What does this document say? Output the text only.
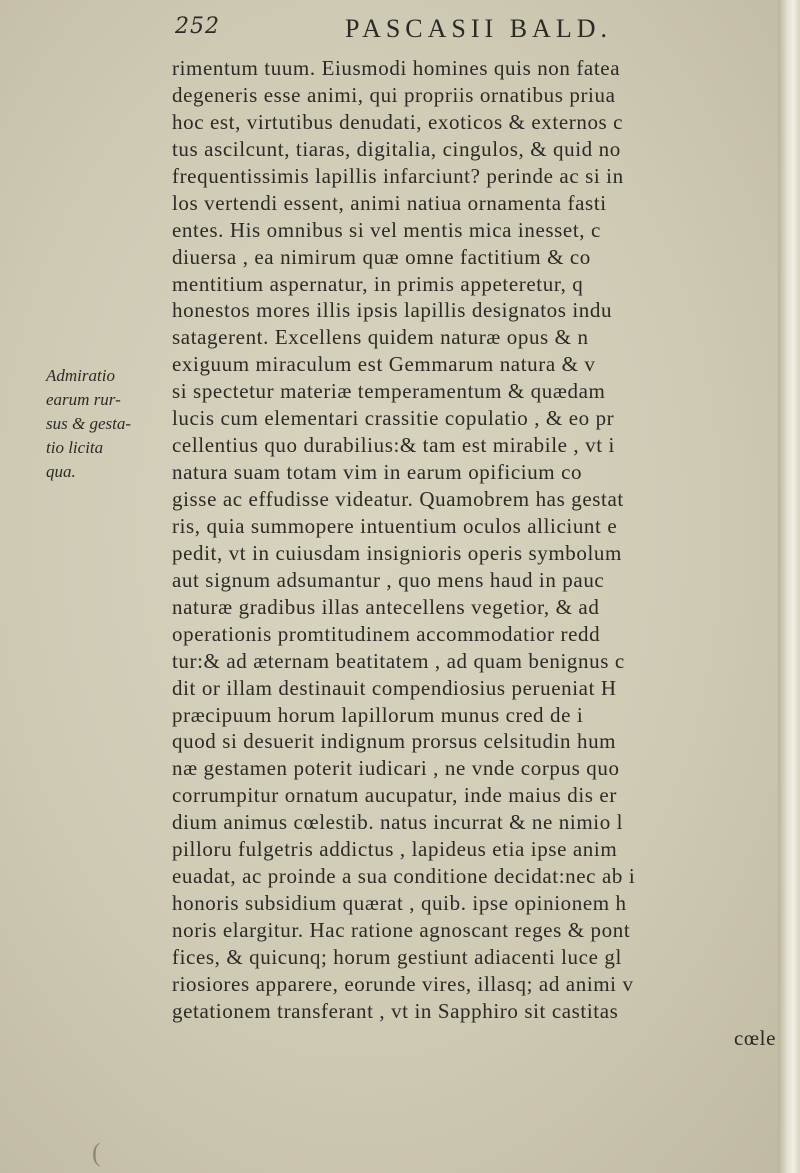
252	PASCASII BALD.
Admiratio
earum rur-
sus & gesta-
tio licita
qua.
rimentum tuum. Eiusmodi homines quis non fatea
degeneris esse animi, qui propriis ornatibus priua
hoc est, virtutibus denudati, exoticos & externos c
tus ascilcunt, tiaras, digitalia, cingulos, & quid no
frequentissimis lapillis infarciunt? perinde ac si in
los vertendi essent, animi natiua ornamenta fasti
entes. His omnibus si vel mentis mica inesset, c
diuersa , ea nimirum quæ omne factitium & co
mentitium aspernatur, in primis appeteretur, q
honestos mores illis ipsis lapillis designatos indu
satagerent. Excellens quidem naturæ opus & n
exiguum miraculum est Gemmarum natura & v
si spectetur materiæ temperamentum & quædam
lucis cum elementari crassitie copulatio , & eo pr
cellentius quo durabilius:& tam est mirabile , vt i
natura suam totam vim in earum opificium co
gisse ac effudisse videatur. Quamobrem has gestat
ris, quia summopere intuentium oculos alliciunt e
pedit, vt in cuiusdam insignioris operis symbolum
aut signum adsumantur , quo mens haud in pauc
naturæ gradibus illas antecellens vegetior, & ad
operationis promtitudinem accommodatior redd
tur:& ad æternam beatitatem , ad quam benignus c
dit or illam destinauit compendiosius perueniat H
præcipuum horum lapillorum munus cred de i
quod si desuerit indignum prorsus celsitudin hum
næ gestamen poterit iudicari , ne vnde corpus quo
corrumpitur ornatum aucupatur, inde maius dis er
dium animus cœlestib. natus incurrat & ne nimio l
pilloru fulgetris addictus , lapideus etia ipse anim
euadat, ac proinde a sua conditione decidat:nec ab i
honoris subsidium quærat , quib. ipse opinionem h
noris elargitur. Hac ratione agnoscant reges & pont
fices, & quicunq; horum gestiunt adiacenti luce gl
riosiores apparere, eorunde vires, illasq; ad animi v
getationem transferant , vt in Sapphiro sit castitas
cœle
(
